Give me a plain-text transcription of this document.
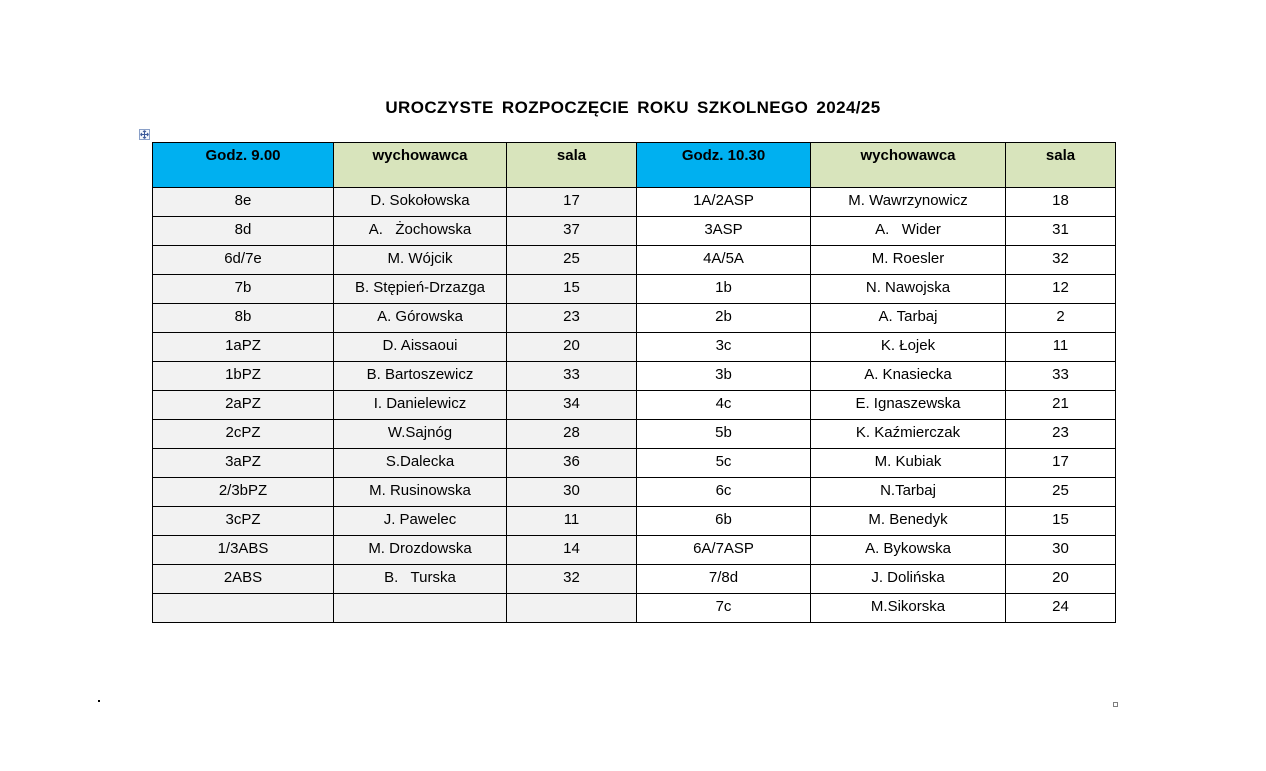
UROCZYSTE ROZPOCZĘCIE ROKU SZKOLNEGO 2024/25
Godz. 9.00	wychowawca	sala	Godz. 10.30	wychowawca	sala
8e	D. Sokołowska	17	1A/2ASP	M. Wawrzynowicz	18
8d	A.   Żochowska	37	3ASP	A.   Wider	31
6d/7e	M. Wójcik	25	4A/5A	M. Roesler	32
7b	B. Stępień-Drzazga	15	1b	N. Nawojska	12
8b	A. Górowska	23	2b	A. Tarbaj	2
1aPZ	D. Aissaoui	20	3c	K. Łojek	11
1bPZ	B. Bartoszewicz	33	3b	A. Knasiecka	33
2aPZ	I. Danielewicz	34	4c	E. Ignaszewska	21
2cPZ	W.Sajnóg	28	5b	K. Kaźmierczak	23
3aPZ	S.Dalecka	36	5c	M. Kubiak	17
2/3bPZ	M. Rusinowska	30	6c	N.Tarbaj	25
3cPZ	J. Pawelec	11	6b	M. Benedyk	15
1/3ABS	M. Drozdowska	14	6A/7ASP	A. Bykowska	30
2ABS	B.   Turska	32	7/8d	J. Dolińska	20
			7c	M.Sikorska	24
